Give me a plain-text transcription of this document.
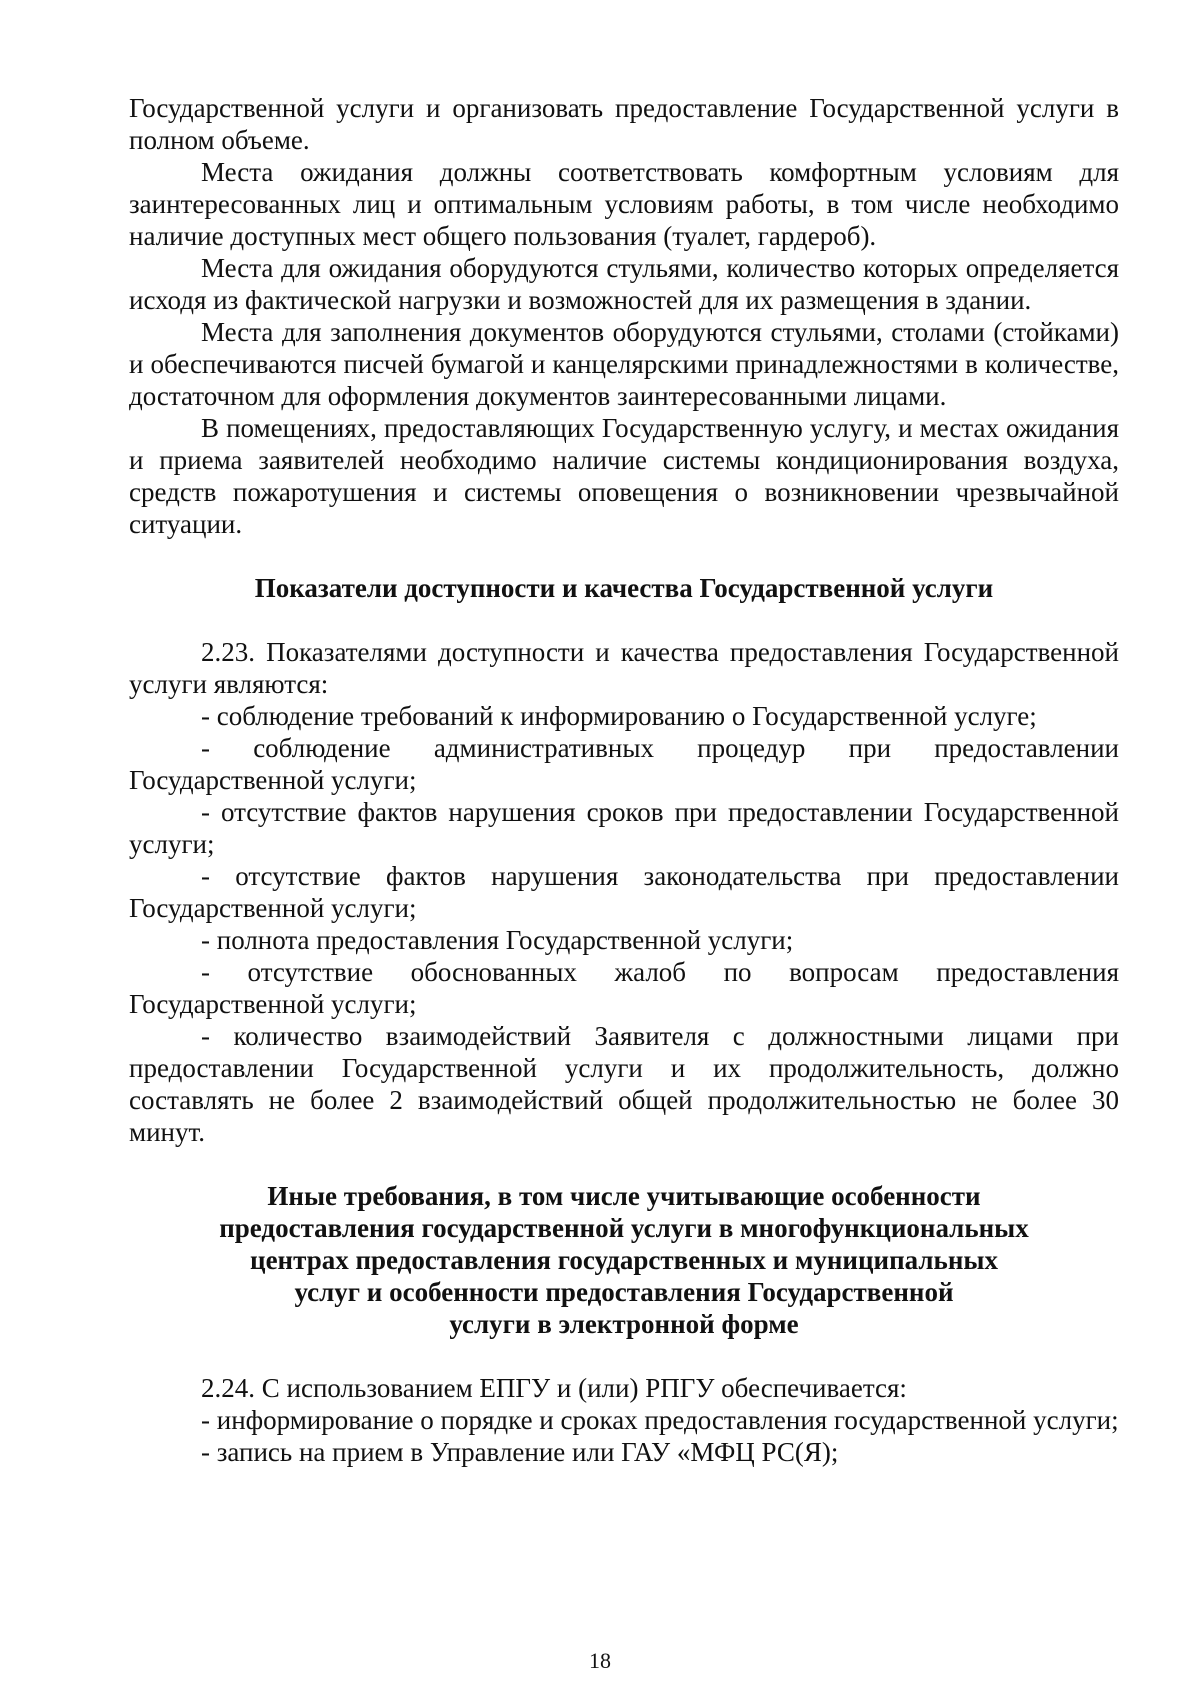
Государственной услуги и организовать предоставление Государственной услуги в полном объеме.

Места ожидания должны соответствовать комфортным условиям для заинтересованных лиц и оптимальным условиям работы, в том числе необходимо наличие доступных мест общего пользования (туалет, гардероб).

Места для ожидания оборудуются стульями, количество которых определяется исходя из фактической нагрузки и возможностей для их размещения в здании.

Места для заполнения документов оборудуются стульями, столами (стойками) и обеспечиваются писчей бумагой и канцелярскими принадлежностями в количестве, достаточном для оформления документов заинтересованными лицами.

В помещениях, предоставляющих Государственную услугу, и местах ожидания и приема заявителей необходимо наличие системы кондиционирования воздуха, средств пожаротушения и системы оповещения о возникновении чрезвычайной ситуации.

Показатели доступности и качества Государственной услуги

2.23. Показателями доступности и качества предоставления Государственной услуги являются:

- соблюдение требований к информированию о Государственной услуге;

- соблюдение административных процедур при предоставлении Государственной услуги;

- отсутствие фактов нарушения сроков при предоставлении Государственной услуги;

- отсутствие фактов нарушения законодательства при предоставлении Государственной услуги;

- полнота предоставления Государственной услуги;

- отсутствие обоснованных жалоб по вопросам предоставления Государственной услуги;

- количество взаимодействий Заявителя с должностными лицами при предоставлении Государственной услуги и их продолжительность, должно составлять не более 2 взаимодействий общей продолжительностью не более 30 минут.

Иные требования, в том числе учитывающие особенности
предоставления государственной услуги в многофункциональных
центрах предоставления государственных и муниципальных
услуг и особенности предоставления Государственной
услуги в электронной форме

2.24. С использованием ЕПГУ и (или) РПГУ обеспечивается:

- информирование о порядке и сроках предоставления государственной услуги;

- запись на прием в Управление или ГАУ «МФЦ РС(Я);

18
